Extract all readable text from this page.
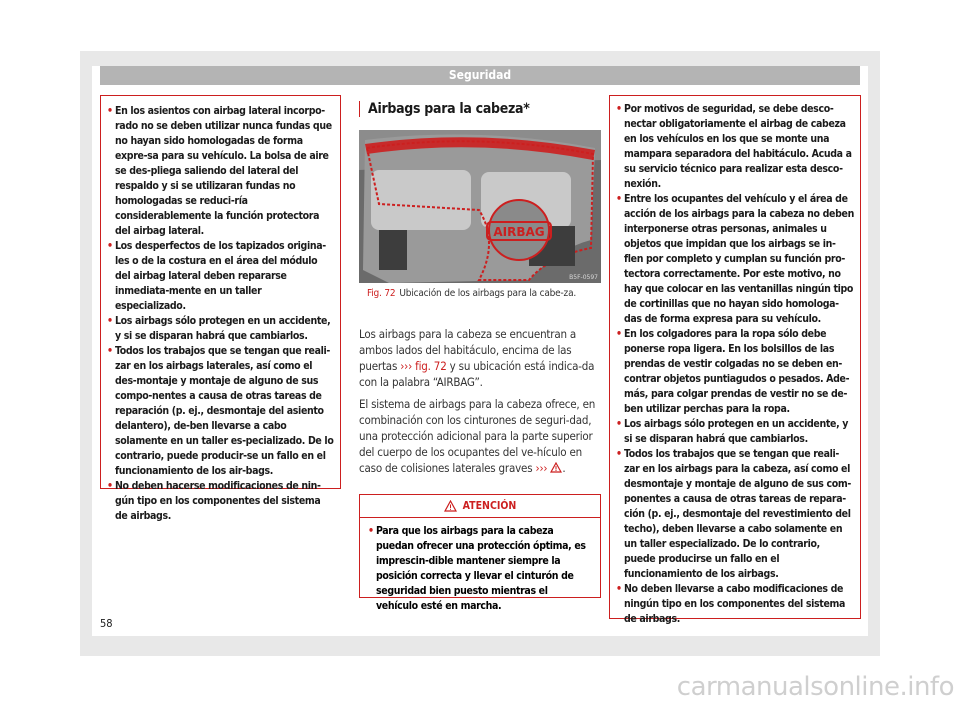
Seguridad
• En los asientos con airbag lateral incorpo-rado no se deben utilizar nunca fundas que no hayan sido homologadas de forma expre-sa para su vehículo. La bolsa de aire se des-pliega saliendo del lateral del respaldo y si se utilizaran fundas no homologadas se reduci-ría considerablemente la función protectora del airbag lateral.
• Los desperfectos de los tapizados origina-les o de la costura en el área del módulo del airbag lateral deben repararse inmediata-mente en un taller especializado.
• Los airbags sólo protegen en un accidente, y si se disparan habrá que cambiarlos.
• Todos los trabajos que se tengan que reali-zar en los airbags laterales, así como el des-montaje y montaje de alguno de sus compo-nentes a causa de otras tareas de reparación (p. ej., desmontaje del asiento delantero), de-ben llevarse a cabo solamente en un taller es-pecializado. De lo contrario, puede producir-se un fallo en el funcionamiento de los air-bags.
• No deben hacerse modificaciones de nin-gún tipo en los componentes del sistema de airbags.
Airbags para la cabeza*
AIRBAG
B5F-0597
Fig. 72 Ubicación de los airbags para la cabe-za.

Los airbags para la cabeza se encuentran a ambos lados del habitáculo, encima de las puertas ››› fig. 72 y su ubicación está indica-da con la palabra “AIRBAG”.

El sistema de airbags para la cabeza ofrece, en combinación con los cinturones de seguri-dad, una protección adicional para la parte superior del cuerpo de los ocupantes del ve-hículo en caso de colisiones laterales graves ››› .

ATENCIÓN
• Para que los airbags para la cabeza puedan ofrecer una protección óptima, es imprescin-dible mantener siempre la posición correcta y llevar el cinturón de seguridad bien puesto mientras el vehículo esté en marcha.
• Por motivos de seguridad, se debe desco-nectar obligatoriamente el airbag de cabeza en los vehículos en los que se monte una mampara separadora del habitáculo. Acuda a su servicio técnico para realizar esta desco-nexión.
• Entre los ocupantes del vehículo y el área de acción de los airbags para la cabeza no deben interponerse otras personas, animales u objetos que impidan que los airbags se in-flen por completo y cumplan su función pro-tectora correctamente. Por este motivo, no hay que colocar en las ventanillas ningún tipo de cortinillas que no hayan sido homologa-das de forma expresa para su vehículo.
• En los colgadores para la ropa sólo debe ponerse ropa ligera. En los bolsillos de las prendas de vestir colgadas no se deben en-contrar objetos puntiagudos o pesados. Ade-más, para colgar prendas de vestir no se de-ben utilizar perchas para la ropa.
• Los airbags sólo protegen en un accidente, y si se disparan habrá que cambiarlos.
• Todos los trabajos que se tengan que reali-zar en los airbags para la cabeza, así como el desmontaje y montaje de alguno de sus com-ponentes a causa de otras tareas de repara-ción (p. ej., desmontaje del revestimiento del techo), deben llevarse a cabo solamente en un taller especializado. De lo contrario, puede producirse un fallo en el funcionamiento de los airbags.
• No deben llevarse a cabo modificaciones de ningún tipo en los componentes del sistema de airbags.
58
carmanualsonline.info
